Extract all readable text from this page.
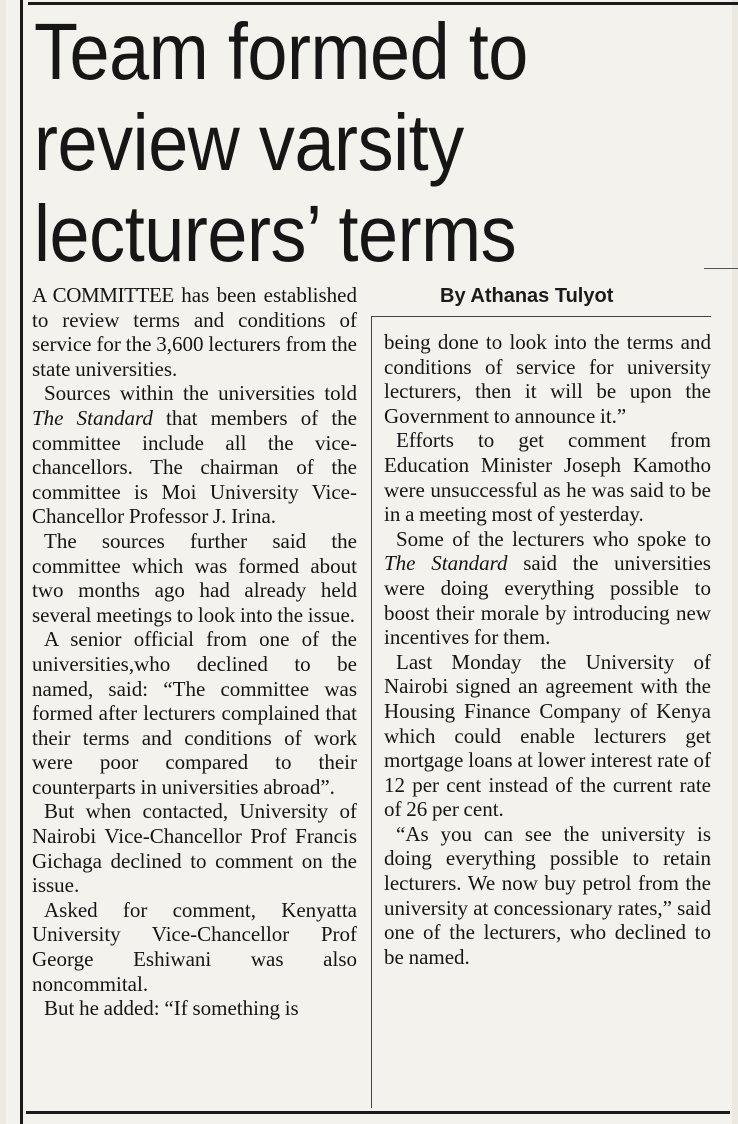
Team formed to
review varsity
lecturers’ terms
By Athanas Tulyot

A COMMITTEE has been established to review terms and conditions of service for the 3,600 lecturers from the state universities.

Sources within the universities told The Standard that members of the committee include all the vice-chancellors. The chairman of the committee is Moi University Vice-Chancellor Professor J. Irina.

The sources further said the committee which was formed about two months ago had already held several meetings to look into the issue.

A senior official from one of the universities,who declined to be named, said: “The committee was formed after lecturers complained that their terms and conditions of work were poor compared to their counterparts in universities abroad”.

But when contacted, University of Nairobi Vice-Chancellor Prof Francis Gichaga declined to comment on the issue.

Asked for comment, Kenyatta University Vice-Chancellor Prof George Eshiwani was also noncommital.

But he added: “If something is

being done to look into the terms and conditions of service for university lecturers, then it will be upon the Government to announce it.”

Efforts to get comment from Education Minister Joseph Kamotho were unsuccessful as he was said to be in a meeting most of yesterday.

Some of the lecturers who spoke to The Standard said the universities were doing everything possible to boost their morale by introducing new incentives for them.

Last Monday the University of Nairobi signed an agreement with the Housing Finance Company of Kenya which could enable lecturers get mortgage loans at lower interest rate of 12 per cent instead of the current rate of 26 per cent.

“As you can see the university is doing everything possible to retain lecturers. We now buy petrol from the university at concessionary rates,” said one of the lecturers, who declined to be named.
